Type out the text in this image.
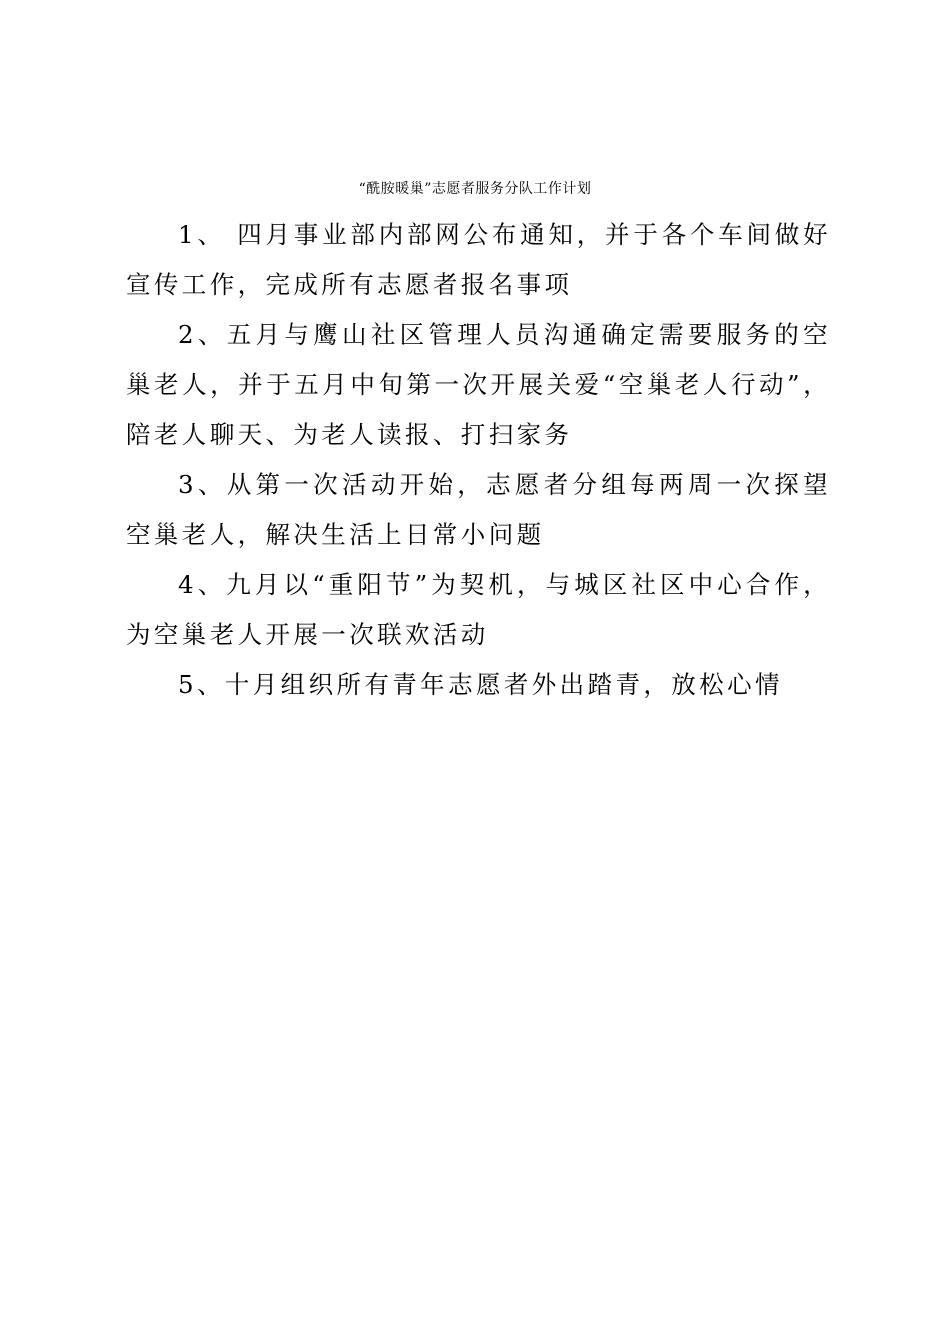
“酰胺暖巢”志愿者服务分队工作计划

1、 四月事业部内部网公布通知，并于各个车间做好宣传工作，完成所有志愿者报名事项

2、五月与鹰山社区管理人员沟通确定需要服务的空巢老人，并于五月中旬第一次开展关爱“空巢老人行动”，陪老人聊天、为老人读报、打扫家务

3、从第一次活动开始，志愿者分组每两周一次探望空巢老人，解决生活上日常小问题

4、九月以“重阳节”为契机，与城区社区中心合作，为空巢老人开展一次联欢活动

5、十月组织所有青年志愿者外出踏青，放松心情
